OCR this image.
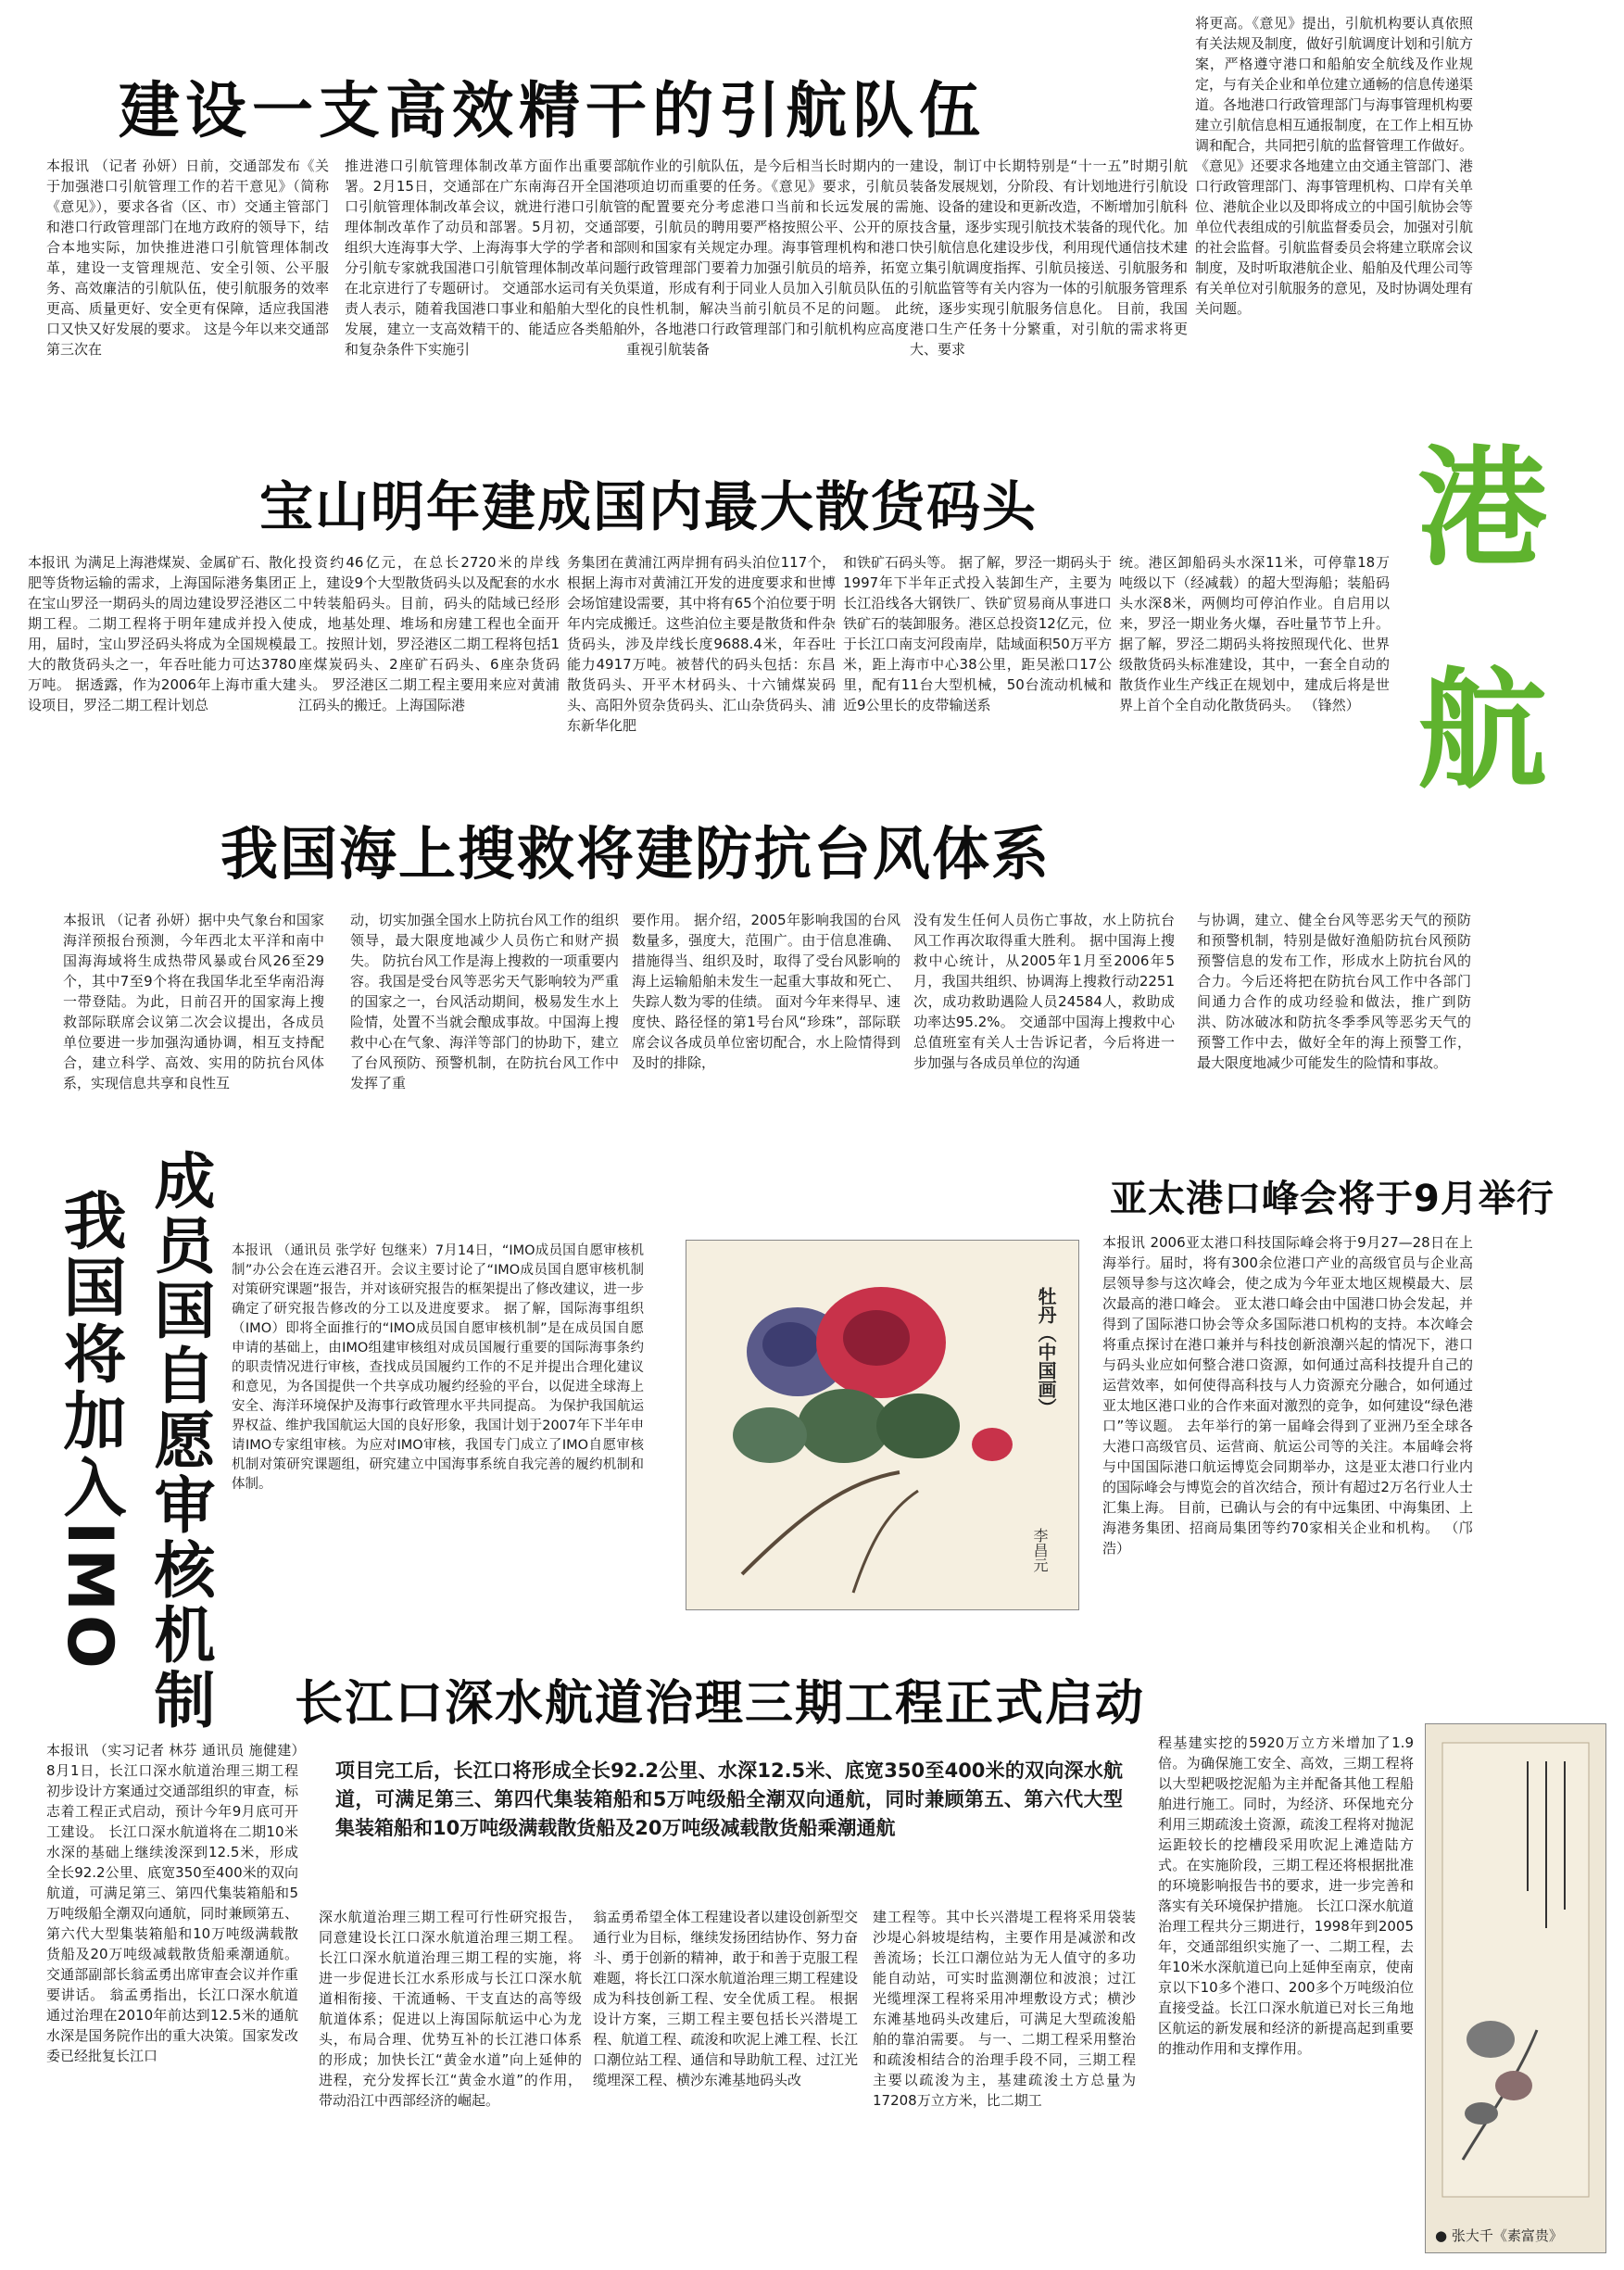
建设一支高效精干的引航队伍
本报讯 （记者 孙妍）日前，交通部发布《关于加强港口引航管理工作的若干意见》（简称《意见》），要求各省（区、市）交通主管部门和港口行政管理部门在地方政府的领导下，结合本地实际，加快推进港口引航管理体制改革，建设一支管理规范、安全引领、公平服务、高效廉洁的引航队伍，使引航服务的效率更高、质量更好、安全更有保障，适应我国港口又快又好发展的要求。 这是今年以来交通部第三次在
推进港口引航管理体制改革方面作出重要部署。2月15日，交通部在广东南海召开全国港口引航管理体制改革会议，就进行港口引航管理体制改革作了动员和部署。5月初，交通部组织大连海事大学、上海海事大学的学者和部分引航专家就我国港口引航管理体制改革问题在北京进行了专题研讨。 交通部水运司有关负责人表示，随着我国港口事业和船舶大型化的发展，建立一支高效精干的、能适应各类船舶和复杂条件下实施引
航作业的引航队伍，是今后相当长时期内的一项迫切而重要的任务。《意见》要求，引航员的配置要充分考虑港口当前和长远发展的需要，引航员的聘用要严格按照公平、公开的原则和国家有关规定办理。海事管理机构和港口行政管理部门要着力加强引航员的培养，拓宽渠道，形成有利于同业人员加入引航员队伍的良性机制，解决当前引航员不足的问题。 此外，各地港口行政管理部门和引航机构应高度重视引航装备
建设，制订中长期特别是“十一五”时期引航装备发展规划，分阶段、有计划地进行引航设施、设备的建设和更新改造，不断增加引航科技含量，逐步实现引航技术装备的现代化。加快引航信息化建设步伐，利用现代通信技术建立集引航调度指挥、引航员接送、引航服务和引航监管等有关内容为一体的引航服务管理系统，逐步实现引航服务信息化。 目前，我国港口生产任务十分繁重，对引航的需求将更大、要求
将更高。《意见》提出，引航机构要认真依照有关法规及制度，做好引航调度计划和引航方案，严格遵守港口和船舶安全航线及作业规定，与有关企业和单位建立通畅的信息传递渠道。各地港口行政管理部门与海事管理机构要建立引航信息相互通报制度，在工作上相互协调和配合，共同把引航的监督管理工作做好。 《意见》还要求各地建立由交通主管部门、港口行政管理部门、海事管理机构、口岸有关单位、港航企业以及即将成立的中国引航协会等单位代表组成的引航监督委员会，加强对引航的社会监督。引航监督委员会将建立联席会议制度，及时听取港航企业、船舶及代理公司等有关单位对引航服务的意见，及时协调处理有关问题。
港
航
宝山明年建成国内最大散货码头
本报讯 为满足上海港煤炭、金属矿石、散化肥等货物运输的需求，上海国际港务集团正在宝山罗泾一期码头的周边建设罗泾港区二期工程。二期工程将于明年建成并投入使用，届时，宝山罗泾码头将成为全国规模最大的散货码头之一，年吞吐能力可达3780万吨。 据透露，作为2006年上海市重大建设项目，罗泾二期工程计划总
投资约46亿元，在总长2720米的岸线上，建设9个大型散货码头以及配套的水水中转装船码头。目前，码头的陆域已经形成，地基处理、堆场和房建工程也全面开工。按照计划，罗泾港区二期工程将包括1座煤炭码头、2座矿石码头、6座杂货码头。 罗泾港区二期工程主要用来应对黄浦江码头的搬迁。上海国际港
务集团在黄浦江两岸拥有码头泊位117个，根据上海市对黄浦江开发的进度要求和世博会场馆建设需要，其中将有65个泊位要于明年内完成搬迁。这些泊位主要是散货和件杂货码头，涉及岸线长度9688.4米，年吞吐能力4917万吨。被替代的码头包括：东昌散货码头、开平木材码头、十六铺煤炭码头、高阳外贸杂货码头、汇山杂货码头、浦东新华化肥
和铁矿石码头等。 据了解，罗泾一期码头于1997年下半年正式投入装卸生产，主要为长江沿线各大钢铁厂、铁矿贸易商从事进口铁矿石的装卸服务。港区总投资12亿元，位于长江口南支河段南岸，陆域面积50万平方米，距上海市中心38公里，距吴淞口17公里，配有11台大型机械，50台流动机械和近9公里长的皮带输送系
统。港区卸船码头水深11米，可停靠18万吨级以下（经减载）的超大型海船；装船码头水深8米，两侧均可停泊作业。自启用以来，罗泾一期业务火爆，吞吐量节节上升。据了解，罗泾二期码头将按照现代化、世界级散货码头标准建设，其中，一套全自动的散货作业生产线正在规划中，建成后将是世界上首个全自动化散货码头。 （锋然）
我国海上搜救将建防抗台风体系
本报讯 （记者 孙妍）据中央气象台和国家海洋预报台预测，今年西北太平洋和南中国海海域将生成热带风暴或台风26至29个，其中7至9个将在我国华北至华南沿海一带登陆。为此，日前召开的国家海上搜救部际联席会议第二次会议提出，各成员单位要进一步加强沟通协调，相互支持配合，建立科学、高效、实用的防抗台风体系，实现信息共享和良性互
动，切实加强全国水上防抗台风工作的组织领导，最大限度地减少人员伤亡和财产损失。 防抗台风工作是海上搜救的一项重要内容。我国是受台风等恶劣天气影响较为严重的国家之一，台风活动期间，极易发生水上险情，处置不当就会酿成事故。中国海上搜救中心在气象、海洋等部门的协助下，建立了台风预防、预警机制，在防抗台风工作中发挥了重
要作用。 据介绍，2005年影响我国的台风数量多，强度大，范围广。由于信息准确、措施得当、组织及时，取得了受台风影响的海上运输船舶未发生一起重大事故和死亡、失踪人数为零的佳绩。 面对今年来得早、速度快、路径怪的第1号台风“珍珠”，部际联席会议各成员单位密切配合，水上险情得到及时的排除，
没有发生任何人员伤亡事故，水上防抗台风工作再次取得重大胜利。 据中国海上搜救中心统计，从2005年1月至2006年5月，我国共组织、协调海上搜救行动2251次，成功救助遇险人员24584人，救助成功率达95.2%。 交通部中国海上搜救中心总值班室有关人士告诉记者，今后将进一步加强与各成员单位的沟通
与协调，建立、健全台风等恶劣天气的预防和预警机制，特别是做好渔船防抗台风预防预警信息的发布工作，形成水上防抗台风的合力。今后还将把在防抗台风工作中各部门间通力合作的成功经验和做法，推广到防洪、防冰破冰和防抗冬季季风等恶劣天气的预警工作中去，做好全年的海上预警工作，最大限度地减少可能发生的险情和事故。
我国将加入IMO 成员国自愿审核机制 本报讯 （通讯员 张学好 包继来）7月14日，“IMO成员国自愿审核机制”办公会在连云港召开。会议主要讨论了“IMO成员国自愿审核机制对策研究课题”报告，并对该研究报告的框架提出了修改建议，进一步确定了研究报告修改的分工以及进度要求。 据了解，国际海事组织（IMO）即将全面推行的“IMO成员国自愿审核机制”是在成员国自愿申请的基础上，由IMO组建审核组对成员国履行重要的国际海事条约的职责情况进行审核，查找成员国履约工作的不足并提出合理化建议和意见，为各国提供一个共享成功履约经验的平台，以促进全球海上安全、海洋环境保护及海事行政管理水平共同提高。 为保护我国航运界权益、维护我国航运大国的良好形象，我国计划于2007年下半年申请IMO专家组审核。为应对IMO审核，我国专门成立了IMO自愿审核机制对策研究课题组，研究建立中国海事系统自我完善的履约机制和体制。
牡丹（中国画）
李昌元
亚太港口峰会将于9月举行
本报讯 2006亚太港口科技国际峰会将于9月27—28日在上海举行。届时，将有300余位港口产业的高级官员与企业高层领导参与这次峰会，使之成为今年亚太地区规模最大、层次最高的港口峰会。 亚太港口峰会由中国港口协会发起，并得到了国际港口协会等众多国际港口机构的支持。本次峰会将重点探讨在港口兼并与科技创新浪潮兴起的情况下，港口与码头业应如何整合港口资源，如何通过高科技提升自己的运营效率，如何使得高科技与人力资源充分融合，如何通过亚太地区港口业的合作来面对激烈的竞争，如何建设“绿色港口”等议题。 去年举行的第一届峰会得到了亚洲乃至全球各大港口高级官员、运营商、航运公司等的关注。本届峰会将与中国国际港口航运博览会同期举办，这是亚太港口行业内的国际峰会与博览会的首次结合，预计有超过2万名行业人士汇集上海。 目前，已确认与会的有中远集团、中海集团、上海港务集团、招商局集团等约70家相关企业和机构。 （邝浩）
长江口深水航道治理三期工程正式启动
项目完工后，长江口将形成全长92.2公里、水深12.5米、底宽350至400米的双向深水航道，可满足第三、第四代集装箱船和5万吨级船全潮双向通航，同时兼顾第五、第六代大型集装箱船和10万吨级满载散货船及20万吨级减载散货船乘潮通航
本报讯 （实习记者 林芬 通讯员 施健建）8月1日，长江口深水航道治理三期工程初步设计方案通过交通部组织的审查，标志着工程正式启动，预计今年9月底可开工建设。 长江口深水航道将在二期10米水深的基础上继续浚深到12.5米，形成全长92.2公里、底宽350至400米的双向航道，可满足第三、第四代集装箱船和5万吨级船全潮双向通航，同时兼顾第五、第六代大型集装箱船和10万吨级满载散货船及20万吨级减载散货船乘潮通航。交通部副部长翁孟勇出席审查会议并作重要讲话。 翁孟勇指出，长江口深水航道通过治理在2010年前达到12.5米的通航水深是国务院作出的重大决策。国家发改委已经批复长江口
深水航道治理三期工程可行性研究报告，同意建设长江口深水航道治理三期工程。长江口深水航道治理三期工程的实施，将进一步促进长江水系形成与长江口深水航道相衔接、干流通畅、干支直达的高等级航道体系；促进以上海国际航运中心为龙头，布局合理、优势互补的长江港口体系的形成；加快长江“黄金水道”向上延伸的进程，充分发挥长江“黄金水道”的作用，带动沿江中西部经济的崛起。
翁孟勇希望全体工程建设者以建设创新型交通行业为目标，继续发扬团结协作、努力奋斗、勇于创新的精神，敢于和善于克服工程难题，将长江口深水航道治理三期工程建设成为科技创新工程、安全优质工程。 根据设计方案，三期工程主要包括长兴潜堤工程、航道工程、疏浚和吹泥上滩工程、长江口潮位站工程、通信和导助航工程、过江光缆埋深工程、横沙东滩基地码头改
建工程等。其中长兴潜堤工程将采用袋装沙堤心斜坡堤结构，主要作用是减淤和改善流场；长江口潮位站为无人值守的多功能自动站，可实时监测潮位和波浪；过江光缆埋深工程将采用冲埋敷设方式；横沙东滩基地码头改建后，可满足大型疏浚船舶的靠泊需要。 与一、二期工程采用整治和疏浚相结合的治理手段不同，三期工程主要以疏浚为主，基建疏浚土方总量为17208万立方米，比二期工
程基建实挖的5920万立方米增加了1.9倍。为确保施工安全、高效，三期工程将以大型耙吸挖泥船为主并配备其他工程船舶进行施工。同时，为经济、环保地充分利用三期疏浚土资源，疏浚工程将对抛泥运距较长的挖槽段采用吹泥上滩造陆方式。在实施阶段，三期工程还将根据批准的环境影响报告书的要求，进一步完善和落实有关环境保护措施。 长江口深水航道治理工程共分三期进行，1998年到2005年，交通部组织实施了一、二期工程，去年10米水深航道已向上延伸至南京，使南京以下10多个港口、200多个万吨级泊位直接受益。长江口深水航道已对长三角地区航运的新发展和经济的新提高起到重要的推动作用和支撑作用。
● 张大千《素富贵》
